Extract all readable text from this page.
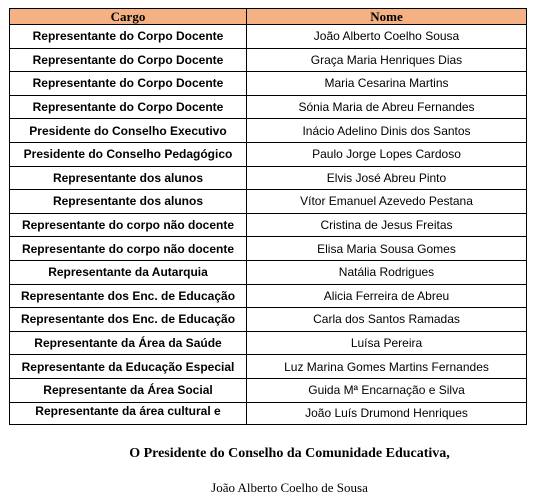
Cargo	Nome
Representante do Corpo Docente	João Alberto Coelho Sousa
Representante do Corpo Docente	Graça Maria Henriques Dias
Representante do Corpo Docente	Maria Cesarina Martins
Representante do Corpo Docente	Sónia Maria de Abreu Fernandes
Presidente do Conselho Executivo	Inácio Adelino Dinis dos Santos
Presidente do Conselho Pedagógico	Paulo Jorge Lopes Cardoso
Representante dos alunos	Elvis José Abreu Pinto
Representante dos alunos	Vítor Emanuel Azevedo Pestana
Representante do corpo não docente	Cristina de Jesus Freitas
Representante do corpo não docente	Elisa Maria Sousa Gomes
Representante da Autarquia	Natália Rodrigues
Representante dos Enc. de Educação	Alicia Ferreira de Abreu
Representante dos Enc. de Educação	Carla dos Santos Ramadas
Representante da Área da Saúde	Luísa Pereira
Representante da Educação Especial	Luz Marina Gomes Martins Fernandes
Representante da Área Social	Guida Mª Encarnação e Silva

Representante da área cultural e	João Luís Drumond Henriques
O Presidente do Conselho da Comunidade Educativa,
João Alberto Coelho de Sousa
